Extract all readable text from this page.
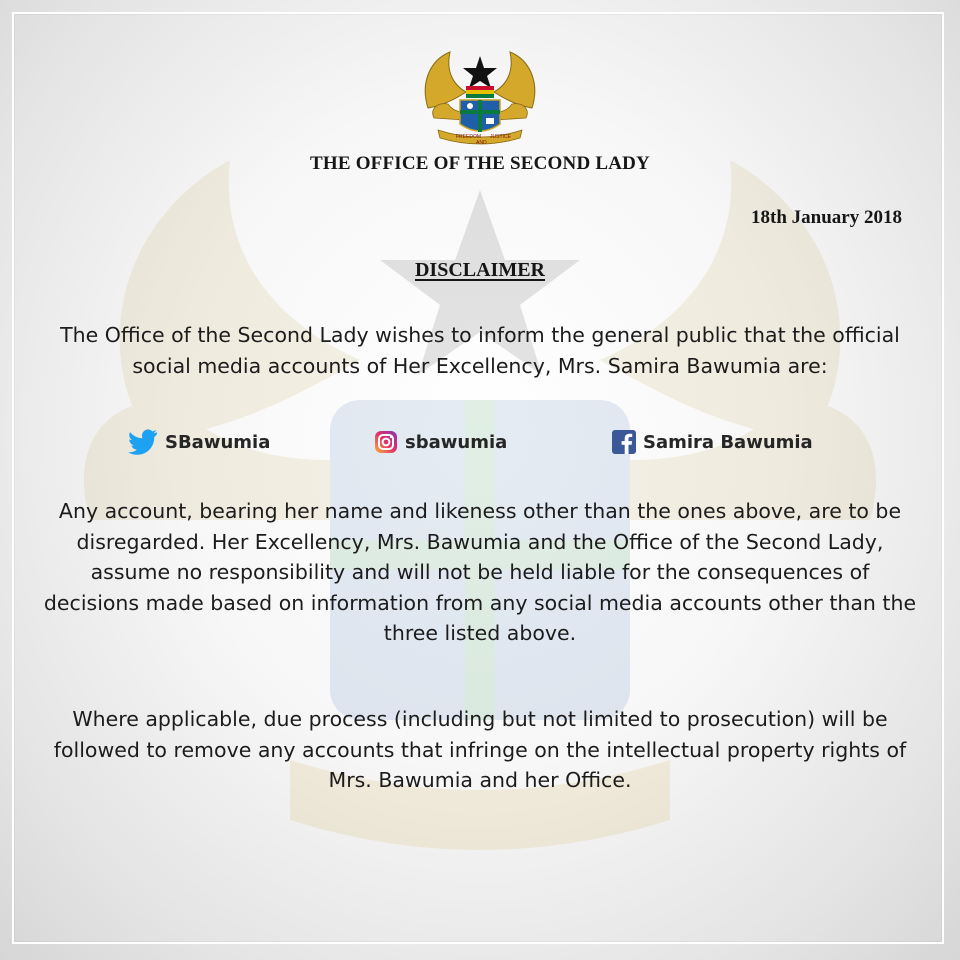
FREEDOM
AND
JUSTICE
THE OFFICE OF THE SECOND LADY
18th January 2018
DISCLAIMER

The Office of the Second Lady wishes to inform the general public that the official social media accounts of Her Excellency, Mrs. Samira Bawumia are:

SBawumia	sbawumia	Samira Bawumia

Any account, bearing her name and likeness other than the ones above, are to be disregarded. Her Excellency, Mrs. Bawumia and the Office of the Second Lady, assume no responsibility and will not be held liable for the consequences of decisions made based on information from any social media accounts other than the three listed above.

Where applicable, due process (including but not limited to prosecution) will be followed to remove any accounts that infringe on the intellectual property rights of Mrs. Bawumia and her Office.
